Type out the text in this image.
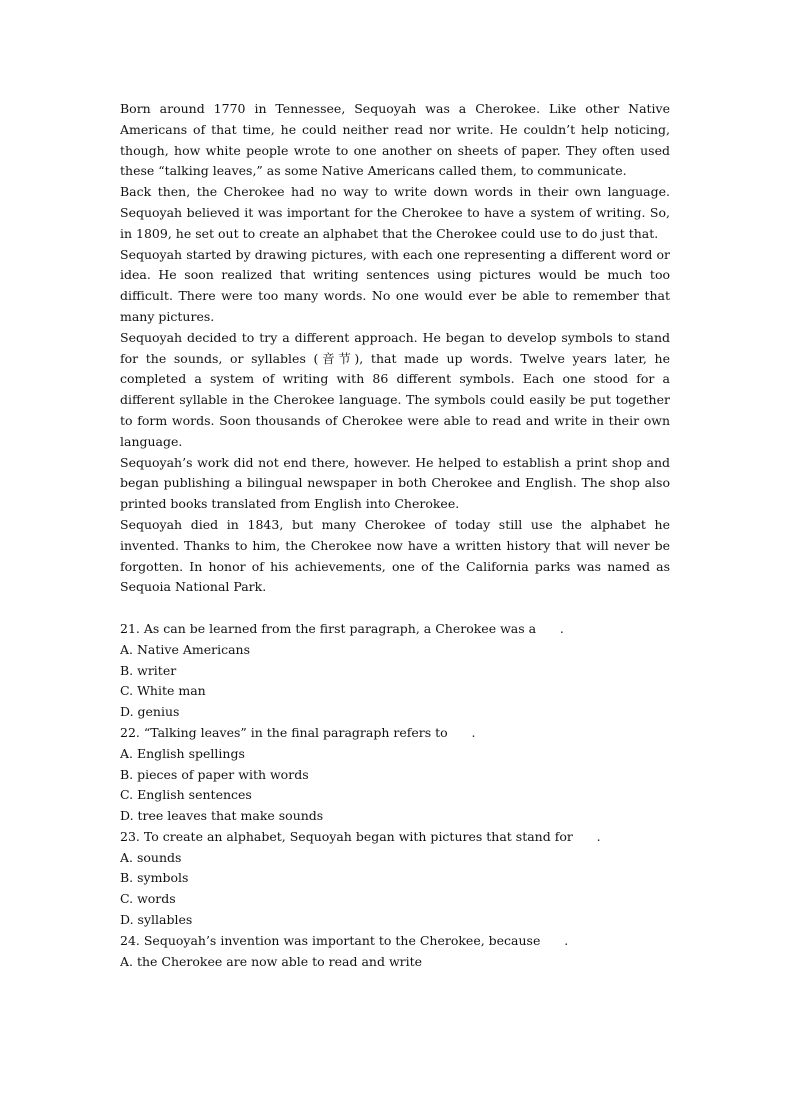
Born around 1770 in Tennessee, Sequoyah was a Cherokee. Like other Native Americans of that time, he could neither read nor write. He couldn’t help noticing, though, how white people wrote to one another on sheets of paper. They often used these “talking leaves,” as some Native Americans called them, to communicate.

Back then, the Cherokee had no way to write down words in their own language. Sequoyah believed it was important for the Cherokee to have a system of writing. So, in 1809, he set out to create an alphabet that the Cherokee could use to do just that.

Sequoyah started by drawing pictures, with each one representing a different word or idea. He soon realized that writing sentences using pictures would be much too difficult. There were too many words. No one would ever be able to remember that many pictures.

Sequoyah decided to try a different approach. He began to develop symbols to stand for the sounds, or syllables (音节), that made up words. Twelve years later, he completed a system of writing with 86 different symbols. Each one stood for a different syllable in the Cherokee language. The symbols could easily be put together to form words. Soon thousands of Cherokee were able to read and write in their own language.

Sequoyah’s work did not end there, however. He helped to establish a print shop and began publishing a bilingual newspaper in both Cherokee and English. The shop also printed books translated from English into Cherokee.

Sequoyah died in 1843, but many Cherokee of today still use the alphabet he invented. Thanks to him, the Cherokee now have a written history that will never be forgotten. In honor of his achievements, one of the California parks was named as Sequoia National Park.

21. As can be learned from the first paragraph, a Cherokee was a      .

A. Native Americans

B. writer

C. White man

D. genius

22. “Talking leaves” in the final paragraph refers to      .

A. English spellings

B. pieces of paper with words

C. English sentences

D. tree leaves that make sounds

23. To create an alphabet, Sequoyah began with pictures that stand for      .

A. sounds

B. symbols

C. words

D. syllables

24. Sequoyah’s invention was important to the Cherokee, because      .

A. the Cherokee are now able to read and write
